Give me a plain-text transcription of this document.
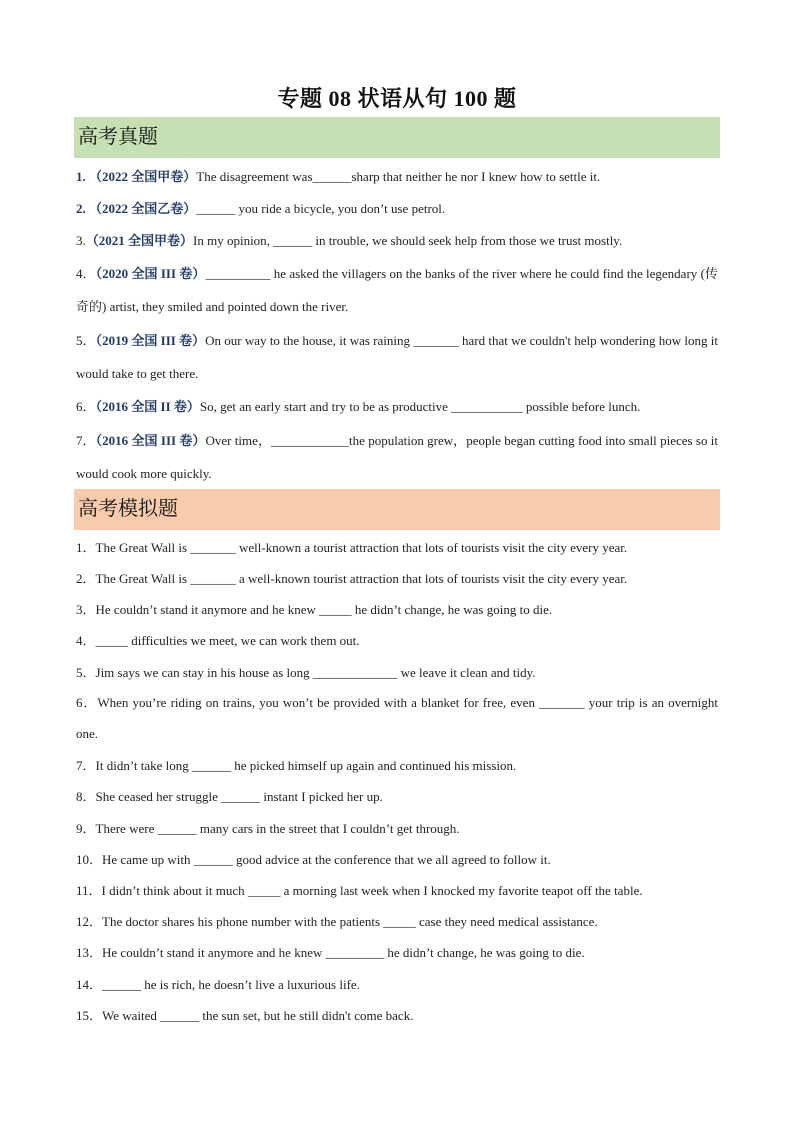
专题 08 状语从句 100 题
高考真题
1. （2022 全国甲卷）The disagreement was______sharp that neither he nor I knew how to settle it.
2. （2022 全国乙卷）______ you ride a bicycle, you don’t use petrol.
3.（2021 全国甲卷）In my opinion, ______ in trouble, we should seek help from those we trust mostly.
4．（2020 全国 III 卷）__________ he asked the villagers on the banks of the river where he could find the legendary (传奇的) artist, they smiled and pointed down the river.
5．（2019 全国 III 卷）On our way to the house, it was raining _______ hard that we couldn't help wondering how long it would take to get there.
6．（2016 全国 II 卷）So, get an early start and try to be as productive ___________ possible before lunch.
7．（2016 全国 III 卷）Over time，____________the population grew，people began cutting food into small pieces so it would cook more quickly.
高考模拟题
1．The Great Wall is _______ well-known a tourist attraction that lots of tourists visit the city every year.
2．The Great Wall is _______ a well-known tourist attraction that lots of tourists visit the city every year.
3．He couldn’t stand it anymore and he knew _____ he didn’t change, he was going to die.
4．_____ difficulties we meet, we can work them out.
5．Jim says we can stay in his house as long _____________ we leave it clean and tidy.
6．When you’re riding on trains, you won’t be provided with a blanket for free, even _______ your trip is an overnight one.
7．It didn’t take long ______ he picked himself up again and continued his mission.
8．She ceased her struggle ______ instant I picked her up.
9．There were ______ many cars in the street that I couldn’t get through.
10．He came up with ______ good advice at the conference that we all agreed to follow it.
11．I didn’t think about it much _____ a morning last week when I knocked my favorite teapot off the table.
12．The doctor shares his phone number with the patients _____ case they need medical assistance.
13．He couldn’t stand it anymore and he knew _________ he didn’t change, he was going to die.
14．______ he is rich, he doesn’t live a luxurious life.
15．We waited ______ the sun set, but he still didn't come back.
